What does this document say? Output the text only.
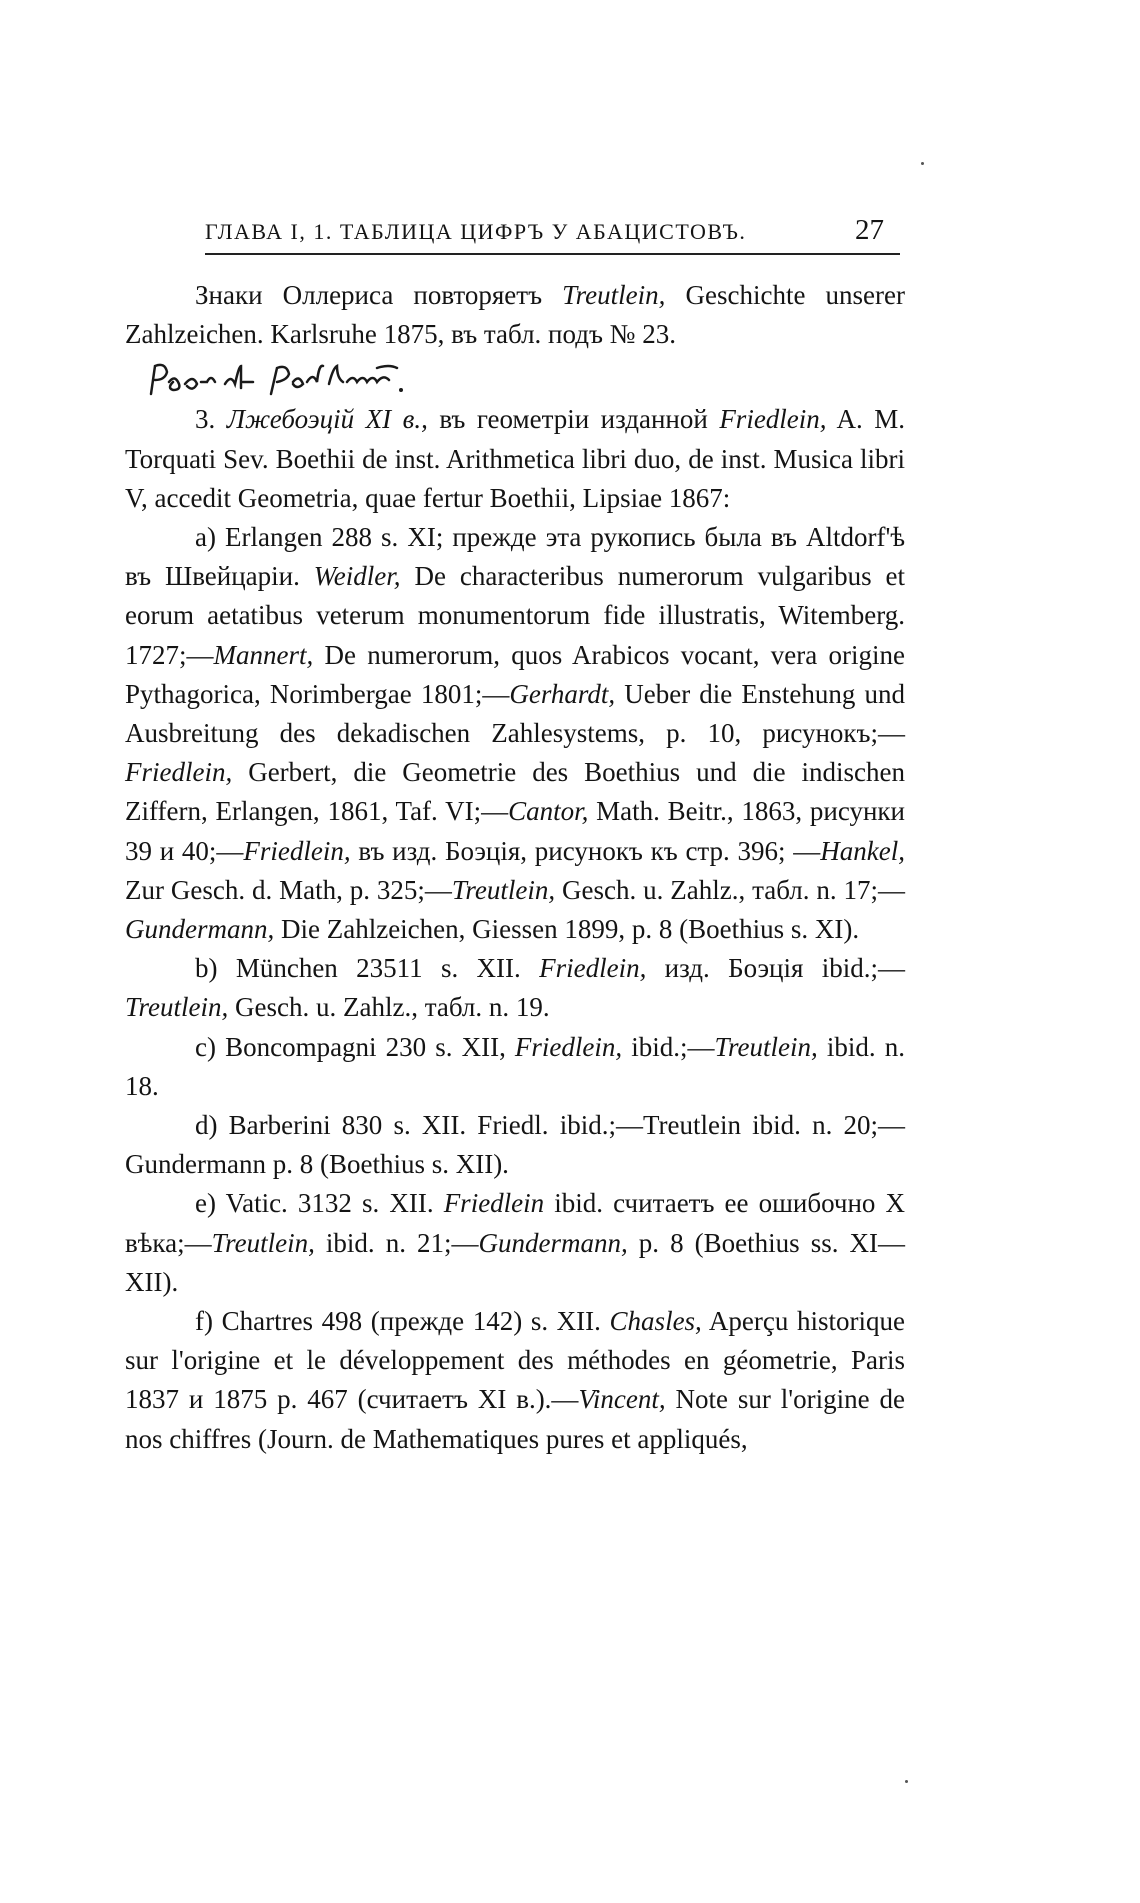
ГЛАВА I, 1. ТАБЛИЦА ЦИФРЪ У АБАЦИСТОВЪ.	27

Знаки Оллериса повторяетъ Treutlein, Geschichte unserer Zahlzeichen. Karlsruhe 1875, въ табл. подъ № 23.

3. Лжебоэцій XI в., въ геометріи изданной Friedlein, A. M. Torquati Sev. Boethii de inst. Arithmetica libri duo, de inst. Musica libri V, accedit Geometria, quae fertur Boethii, Lipsiae 1867:

a) Erlangen 288 s. XI; прежде эта рукопись была въ Altdorf'ѣ въ Швейцаріи. Weidler, De characteribus numerorum vulgaribus et eorum aetatibus veterum monumentorum fide illustratis, Witemberg. 1727;—Mannert, De numerorum, quos Arabicos vocant, vera origine Pythagorica, Norimbergae 1801;—Gerhardt, Ueber die Enstehung und Ausbreitung des dekadischen Zahlesystems, p. 10, рисунокъ;—Friedlein, Gerbert, die Geometrie des Boethius und die indischen Ziffern, Erlangen, 1861, Taf. VI;—Cantor, Math. Beitr., 1863, рисунки 39 и 40;—Friedlein, въ изд. Боэція, рисунокъ къ стр. 396; —Hankel, Zur Gesch. d. Math, p. 325;—Treutlein, Gesch. u. Zahlz., табл. n. 17;—Gundermann, Die Zahlzeichen, Giessen 1899, p. 8 (Boethius s. XI).

b) München 23511 s. XII. Friedlein, изд. Боэція ibid.;—Treutlein, Gesch. u. Zahlz., табл. n. 19.

c) Boncompagni 230 s. XII, Friedlein, ibid.;—Treutlein, ibid. n. 18.

d) Barberini 830 s. XII. Friedl. ibid.;—Treutlein ibid. n. 20;—Gundermann p. 8 (Boethius s. XII).

e) Vatic. 3132 s. XII. Friedlein ibid. считаетъ ее ошибочно X вѣка;—Treutlein, ibid. n. 21;—Gundermann, p. 8 (Boethius ss. XI—XII).

f) Chartres 498 (прежде 142) s. XII. Chasles, Aperçu historique sur l'origine et le développement des méthodes en géometrie, Paris 1837 и 1875 p. 467 (считаетъ XI в.).—Vincent, Note sur l'origine de nos chiffres (Journ. de Mathematiques pures et appliqués,
